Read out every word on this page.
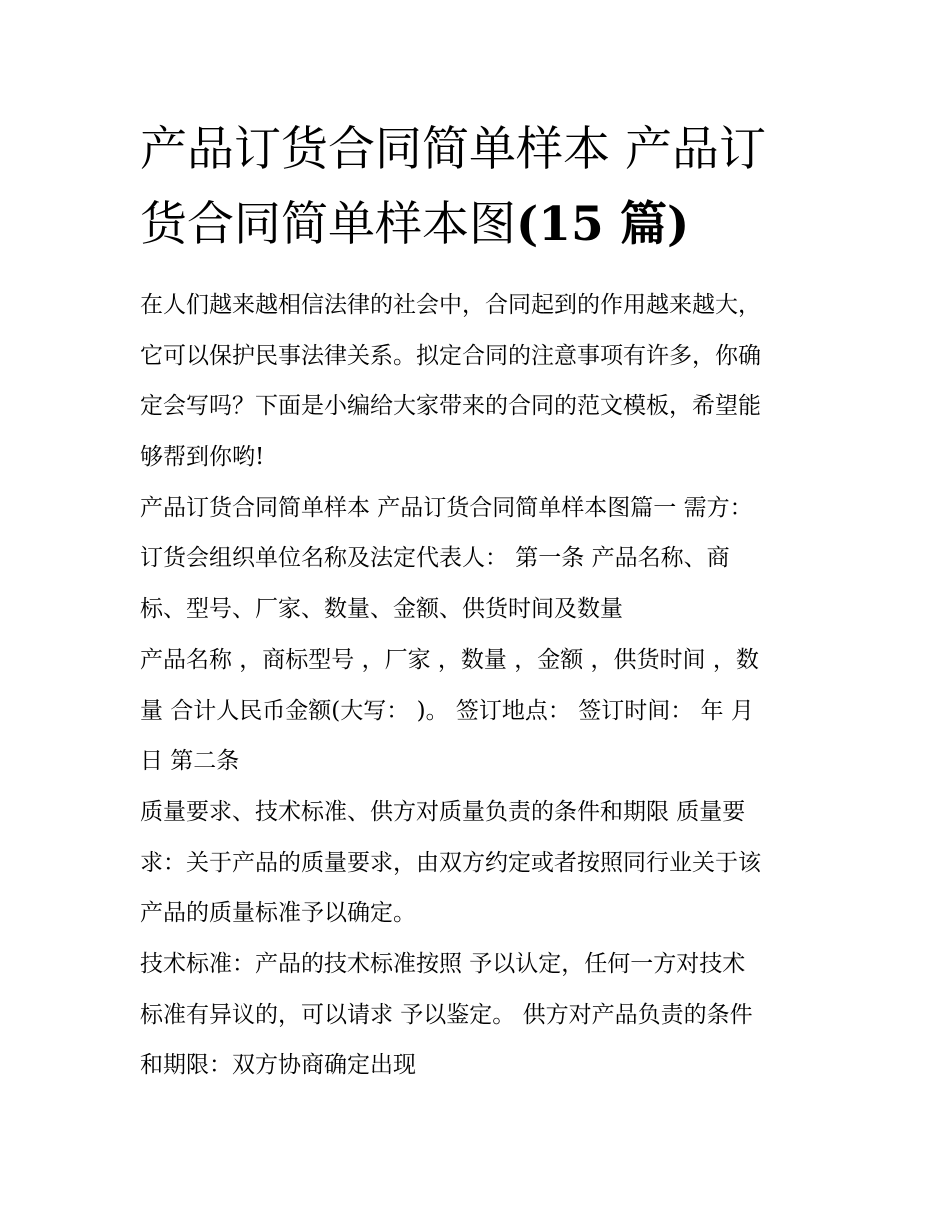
产品订货合同简单样本 产品订
货合同简单样本图(15 篇)
在人们越来越相信法律的社会中，合同起到的作用越来越大，
它可以保护民事法律关系。拟定合同的注意事项有许多，你确
定会写吗？下面是小编给大家带来的合同的范文模板，希望能
够帮到你哟!
产品订货合同简单样本 产品订货合同简单样本图篇一 需方：
订货会组织单位名称及法定代表人： 第一条 产品名称、商
标、型号、厂家、数量、金额、供货时间及数量
产品名称 ，商标型号 ，厂家 ，数量 ，金额 ，供货时间 ，数
量 合计人民币金额(大写： )。 签订地点： 签订时间： 年 月
日 第二条
质量要求、技术标准、供方对质量负责的条件和期限 质量要
求：关于产品的质量要求，由双方约定或者按照同行业关于该
产品的质量标准予以确定。
技术标准：产品的技术标准按照 予以认定，任何一方对技术
标准有异议的，可以请求 予以鉴定。 供方对产品负责的条件
和期限：双方协商确定出现
